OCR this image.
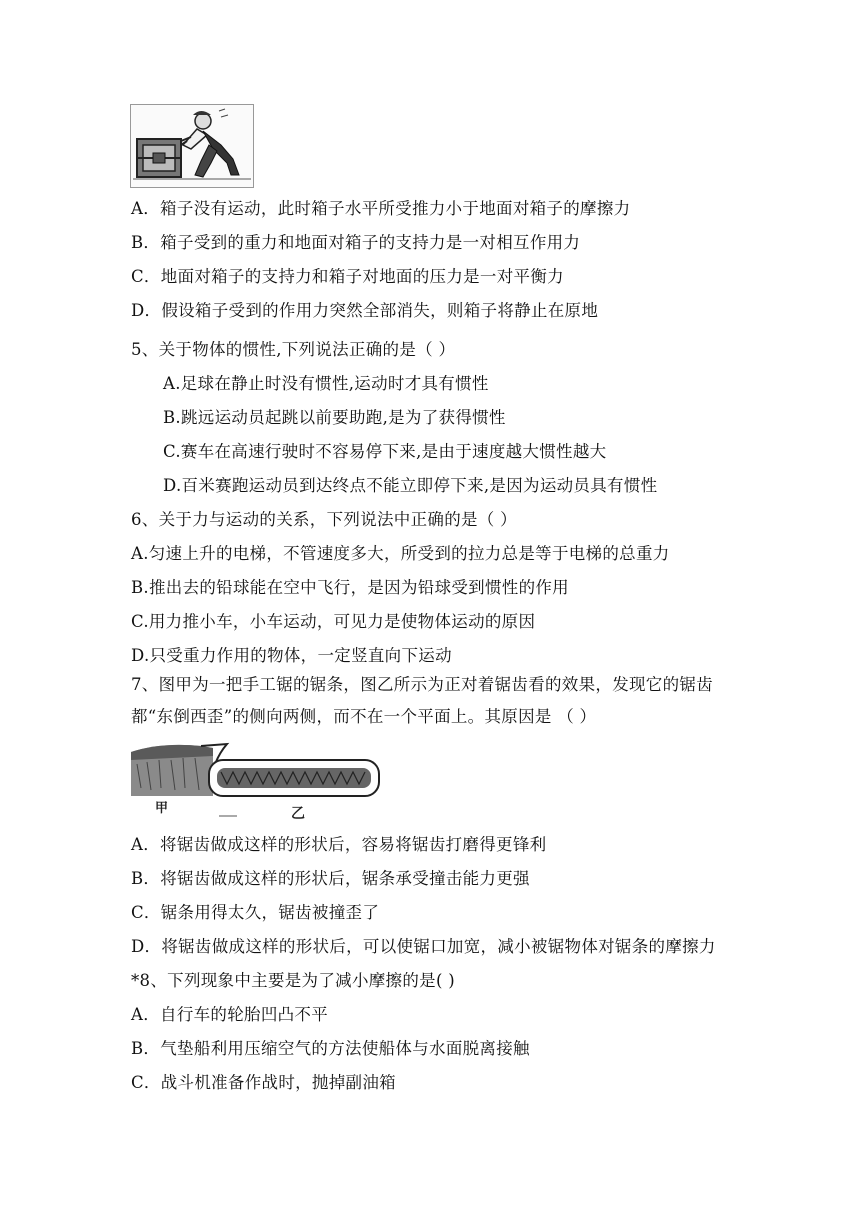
A．箱子没有运动，此时箱子水平所受推力小于地面对箱子的摩擦力
B．箱子受到的重力和地面对箱子的支持力是一对相互作用力
C．地面对箱子的支持力和箱子对地面的压力是一对平衡力
D．假设箱子受到的作用力突然全部消失，则箱子将静止在原地
5、关于物体的惯性,下列说法正确的是（ ）
A.足球在静止时没有惯性,运动时才具有惯性
B.跳远运动员起跳以前要助跑,是为了获得惯性
C.赛车在高速行驶时不容易停下来,是由于速度越大惯性越大
D.百米赛跑运动员到达终点不能立即停下来,是因为运动员具有惯性
6、关于力与运动的关系，下列说法中正确的是（ ）
A.匀速上升的电梯，不管速度多大，所受到的拉力总是等于电梯的总重力
B.推出去的铅球能在空中飞行，是因为铅球受到惯性的作用
C.用力推小车，小车运动，可见力是使物体运动的原因
D.只受重力作用的物体，一定竖直向下运动
7、图甲为一把手工锯的锯条，图乙所示为正对着锯齿看的效果，发现它的锯齿
都“东倒西歪”的侧向两侧，而不在一个平面上。其原因是 （ ）
甲	乙
A．将锯齿做成这样的形状后，容易将锯齿打磨得更锋利
B．将锯齿做成这样的形状后，锯条承受撞击能力更强
C．锯条用得太久，锯齿被撞歪了
D．将锯齿做成这样的形状后，可以使锯口加宽，减小被锯物体对锯条的摩擦力
*8、下列现象中主要是为了减小摩擦的是( )
A．自行车的轮胎凹凸不平
B．气垫船利用压缩空气的方法使船体与水面脱离接触
C．战斗机准备作战时，抛掉副油箱
